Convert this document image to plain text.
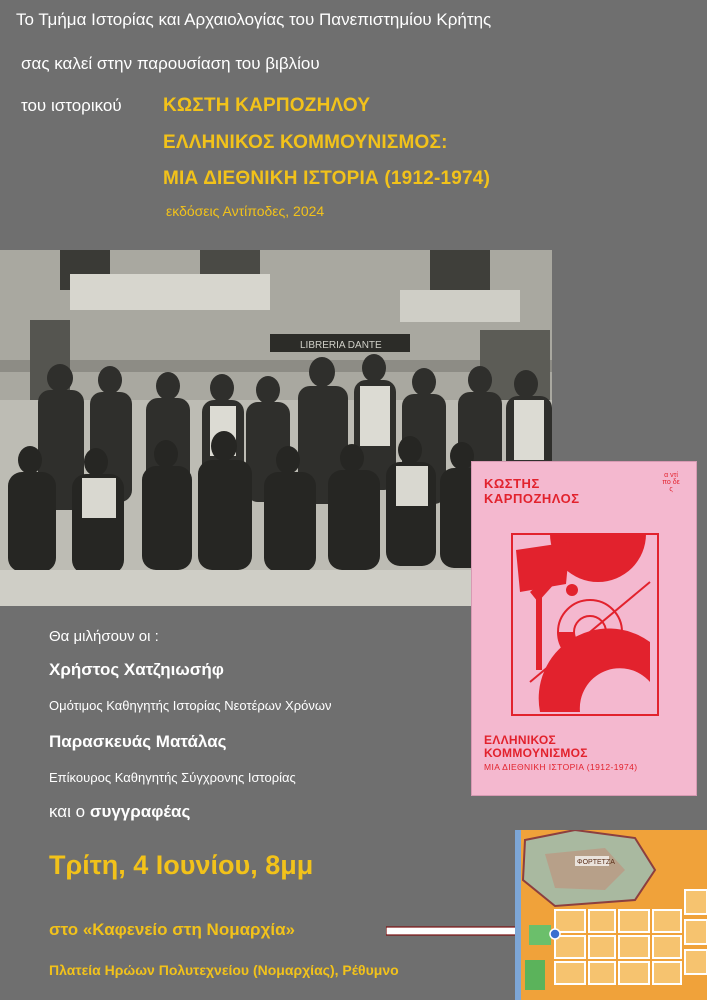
Το Τμήμα Ιστορίας και Αρχαιολογίας του Πανεπιστημίου Κρήτης
σας καλεί στην παρουσίαση του βιβλίου
του ιστορικού ΚΩΣΤΗ ΚΑΡΠΟΖΗΛΟΥ
ΕΛΛΗΝΙΚΟΣ ΚΟΜΜΟΥΝΙΣΜΟΣ:
ΜΙΑ ΔΙΕΘΝΙΚΗ ΙΣΤΟΡΙΑ (1912-1974)
εκδόσεις Αντίποδες, 2024
LIBRERIA DANTE
ΚΩΣΤΗΣ
ΚΑΡΠΟΖΗΛΟΣ
α ντί πο δε ς
ΕΛΛΗΝΙΚΟΣ
ΚΟΜΜΟΥΝΙΣΜΟΣ
ΜΙΑ ΔΙΕΘΝΙΚΗ ΙΣΤΟΡΙΑ (1912-1974)
Θα μιλήσουν οι :
Χρήστος Χατζηιωσήφ
Ομότιμος Καθηγητής Ιστορίας Νεοτέρων Χρόνων
Παρασκευάς Ματάλας
Επίκουρος Καθηγητής Σύγχρονης Ιστορίας
και ο συγγραφέας
Τρίτη, 4 Ιουνίου, 8μμ
στο «Καφενείο στη Νομαρχία»
Πλατεία Ηρώων Πολυτεχνείου (Νομαρχίας), Ρέθυμνο
ΦΟΡΤΕΤΖΑ
